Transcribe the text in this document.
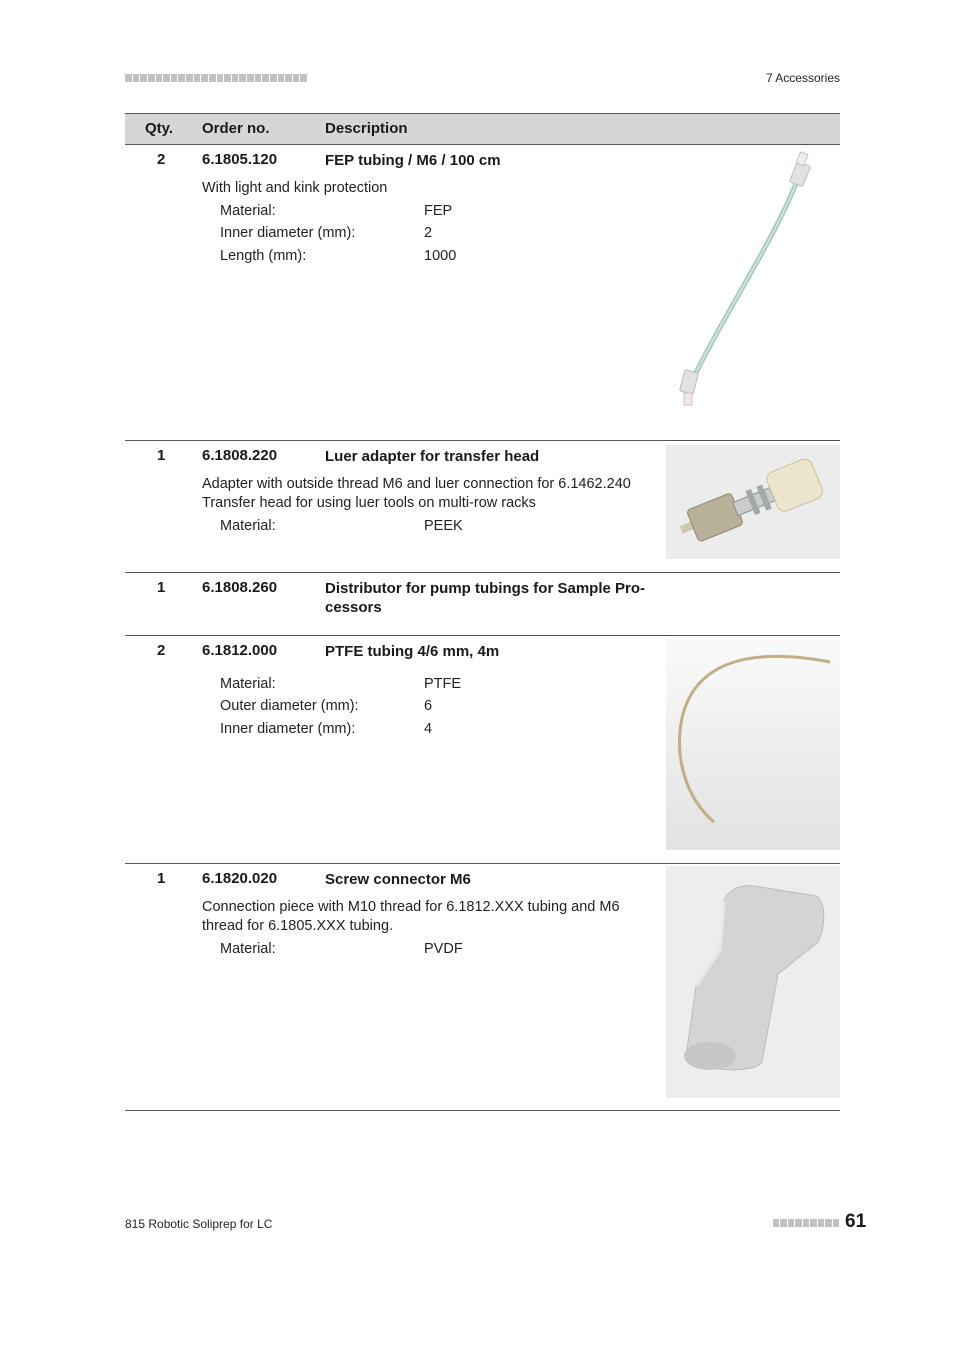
7 Accessories
Qty. Order no.	Description
2 6.1805.120	FEP tubing / M6 / 100 cm
With light and kink protection
Material:	FEP
Inner diameter (mm):	2
Length (mm):	1000
1 6.1808.220	Luer adapter for transfer head
Adapter with outside thread M6 and luer connection for 6.1462.240 Transfer head for using luer tools on multi-row racks
Material:	PEEK
1 6.1808.260	Distributor for pump tubings for Sample Processors
2 6.1812.000	PTFE tubing 4/6 mm, 4m
Material:	PTFE
Outer diameter (mm):	6
Inner diameter (mm):	4
1 6.1820.020	Screw connector M6
Connection piece with M10 thread for 6.1812.XXX tubing and M6 thread for 6.1805.XXX tubing.
Material:	PVDF
815 Robotic Soliprep for LC	61
